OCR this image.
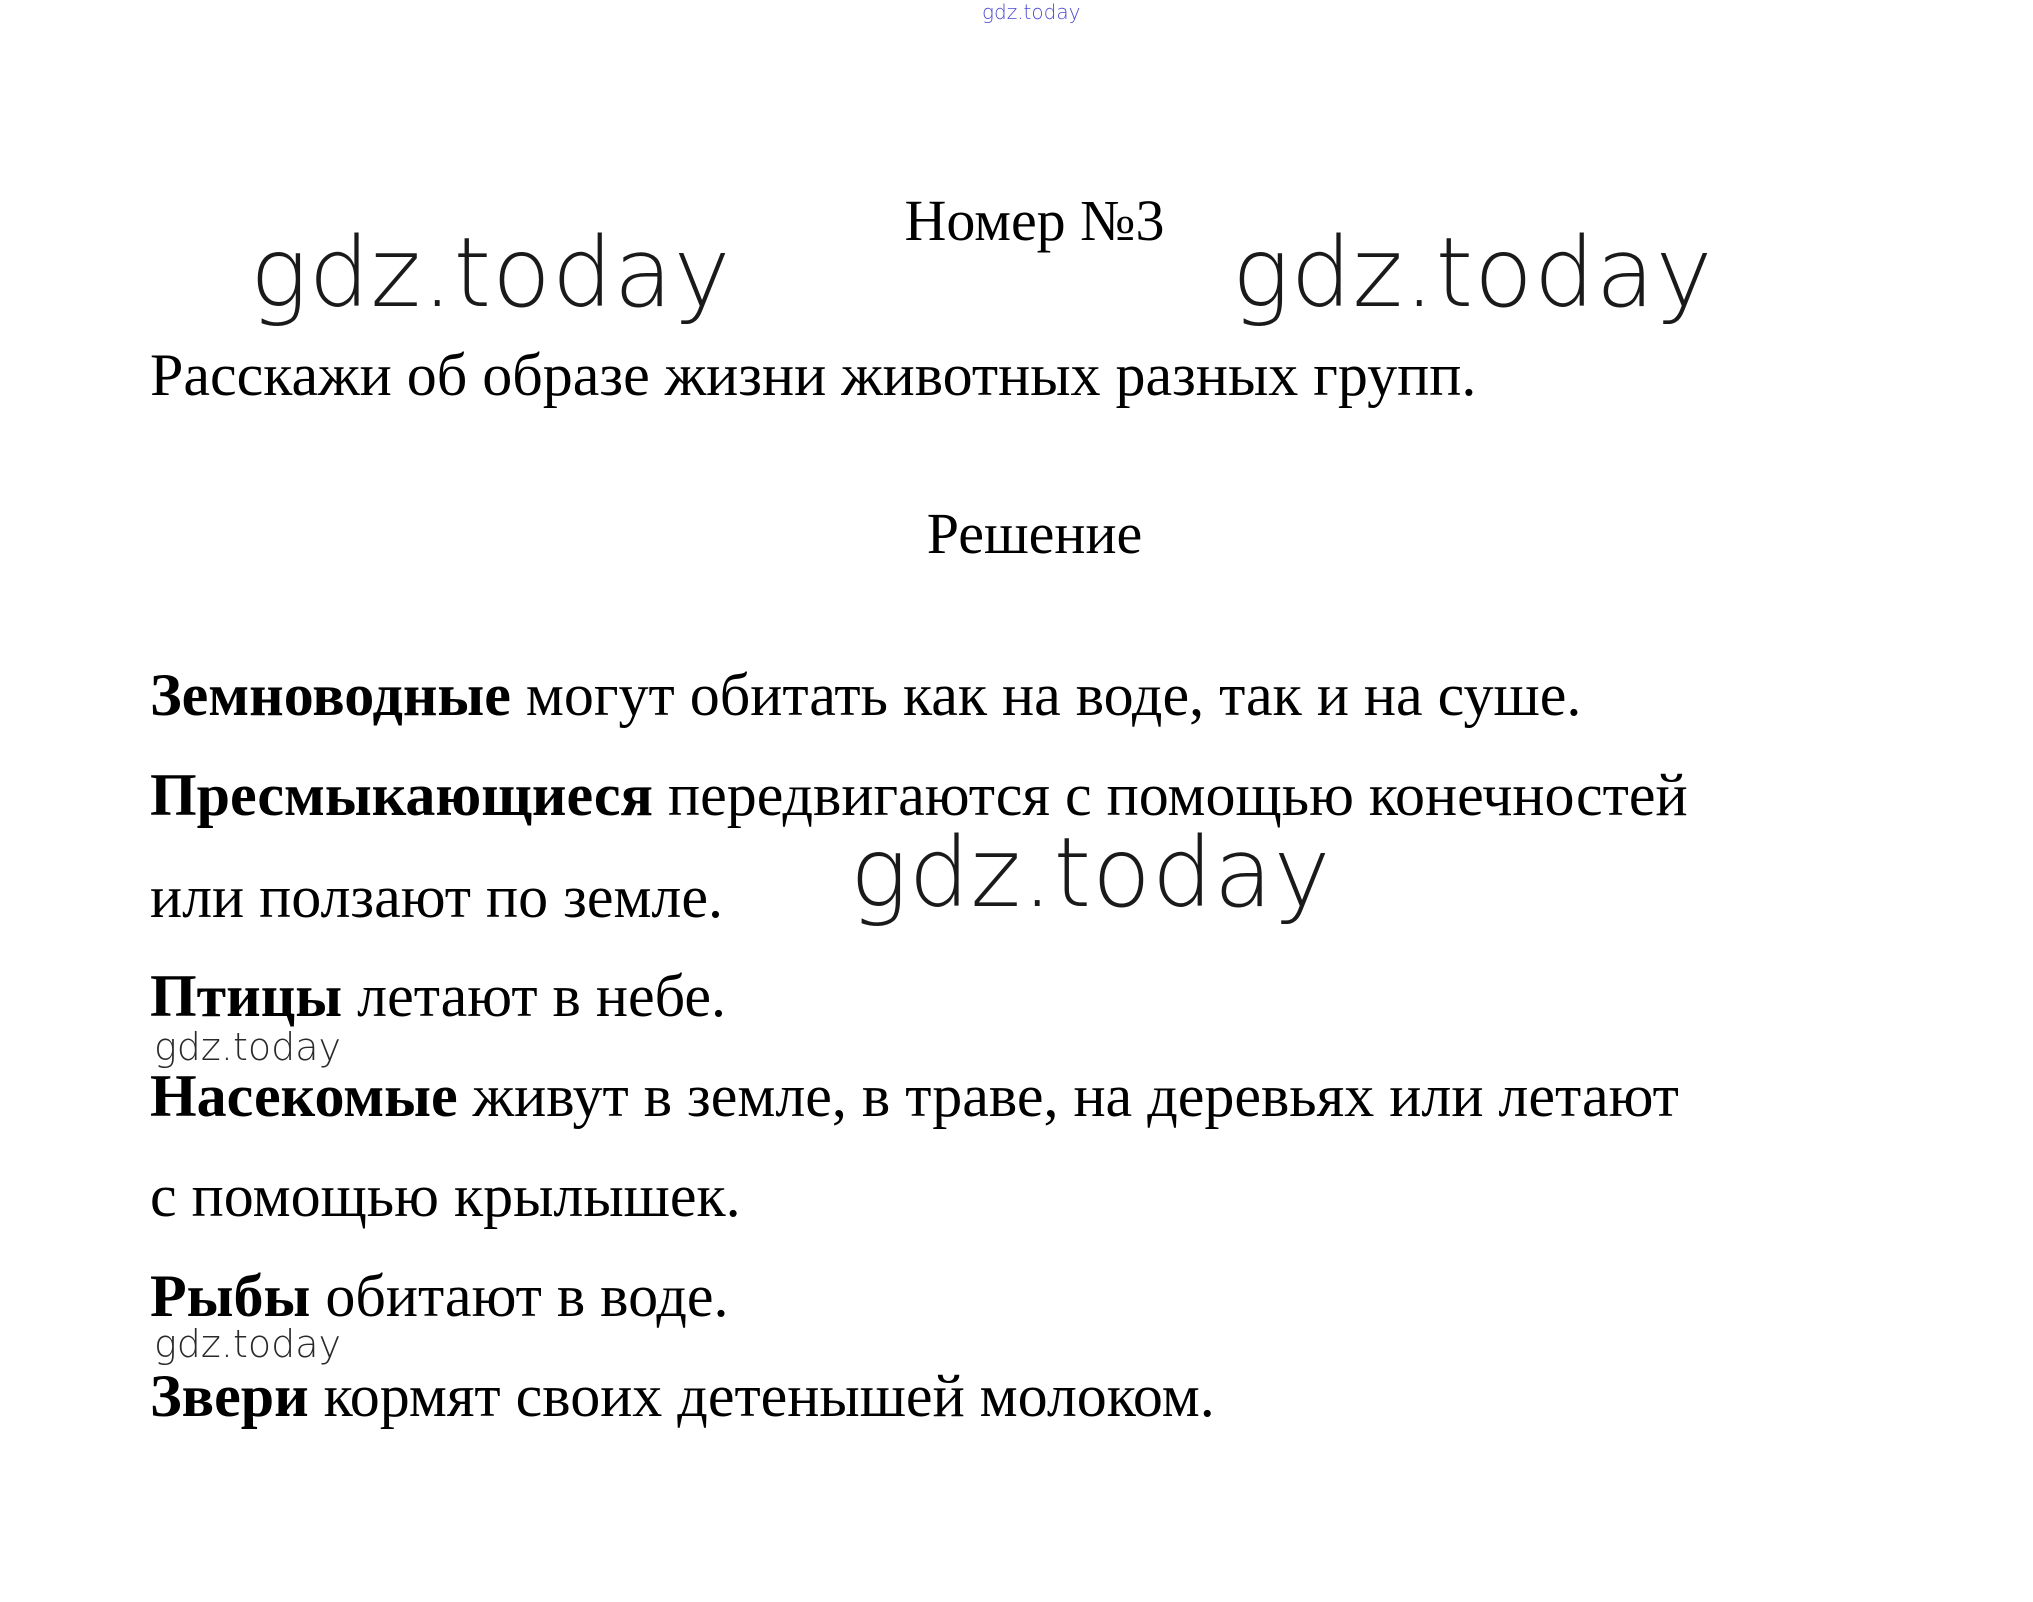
gdz.today
gdz.today	gdz.today
Номер №3
Расскажи об образе жизни животных разных групп.
Решение
Земноводные могут обитать как на воде, так и на суше.
Пресмыкающиеся передвигаются с помощью конечностей
или ползают по земле. gdz.today
Птицы летают в небе.
gdz.today
Насекомые живут в земле, в траве, на деревьях или летают
с помощью крылышек.
Рыбы обитают в воде.
gdz.today
Звери кормят своих детенышей молоком.
